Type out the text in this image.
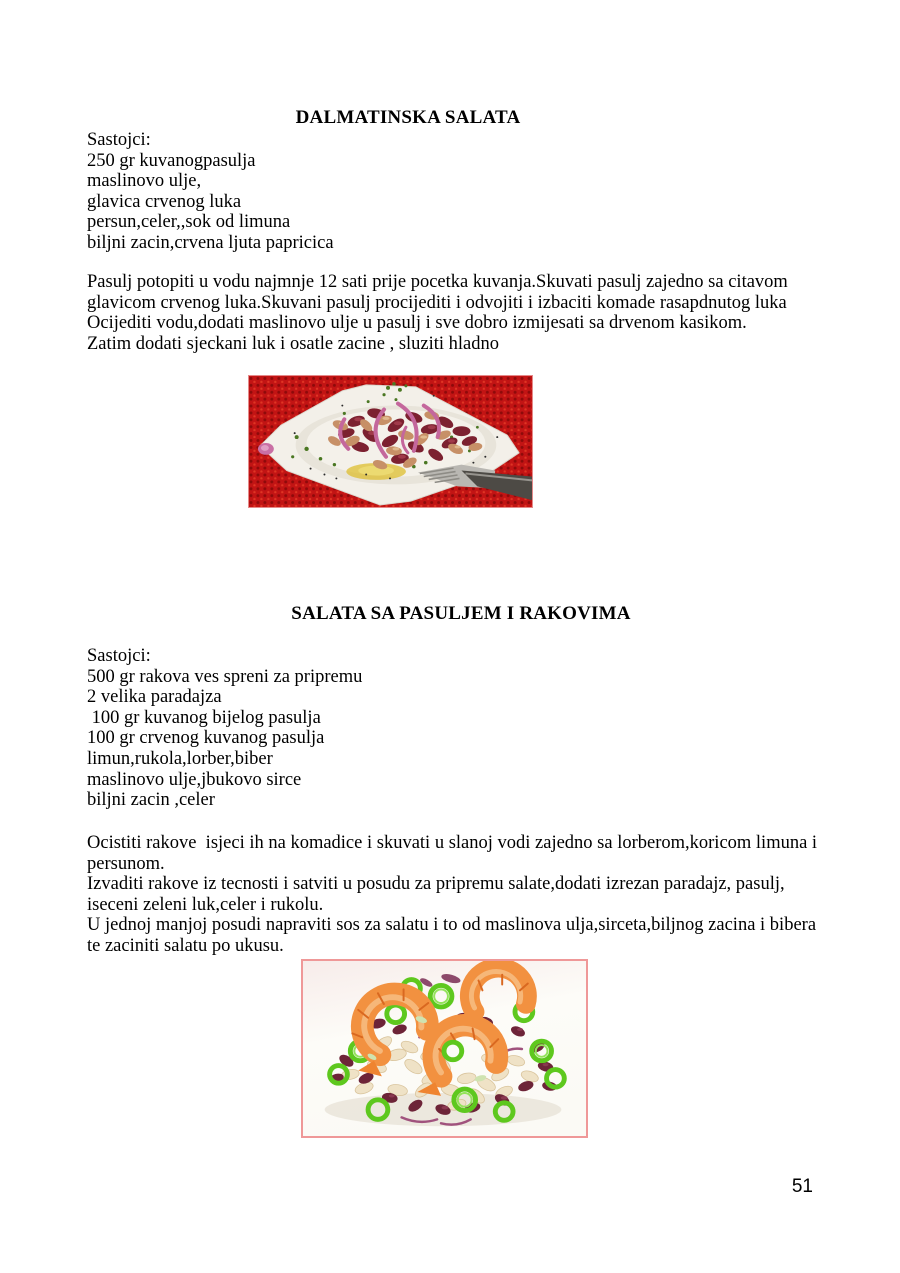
DALMATINSKA SALATA
Sastojci:
250 gr kuvanogpasulja
maslinovo ulje,
glavica crvenog luka
persun,celer,,sok od limuna
biljni zacin,crvena ljuta papricica
Pasulj potopiti u vodu najmnje 12 sati prije pocetka kuvanja.Skuvati pasulj zajedno sa citavom
glavicom crvenog luka.Skuvani pasulj procijediti i odvojiti i izbaciti komade rasapdnutog luka
Ocijediti vodu,dodati maslinovo ulje u pasulj i sve dobro izmijesati sa drvenom kasikom.
Zatim dodati sjeckani luk i osatle zacine , sluziti hladno
SALATA SA PASULJEM I RAKOVIMA
Sastojci:
500 gr rakova ves spreni za pripremu
2 velika paradajza
100 gr kuvanog bijelog pasulja
100 gr crvenog kuvanog pasulja
limun,rukola,lorber,biber
maslinovo ulje,jbukovo sirce
biljni zacin ,celer
Ocistiti rakove  isjeci ih na komadice i skuvati u slanoj vodi zajedno sa lorberom,koricom limuna i
persunom.
Izvaditi rakove iz tecnosti i satviti u posudu za pripremu salate,dodati izrezan paradajz, pasulj,
iseceni zeleni luk,celer i rukolu.
U jednoj manjoj posudi napraviti sos za salatu i to od maslinova ulja,sirceta,biljnog zacina i bibera
te zaciniti salatu po ukusu.
51
